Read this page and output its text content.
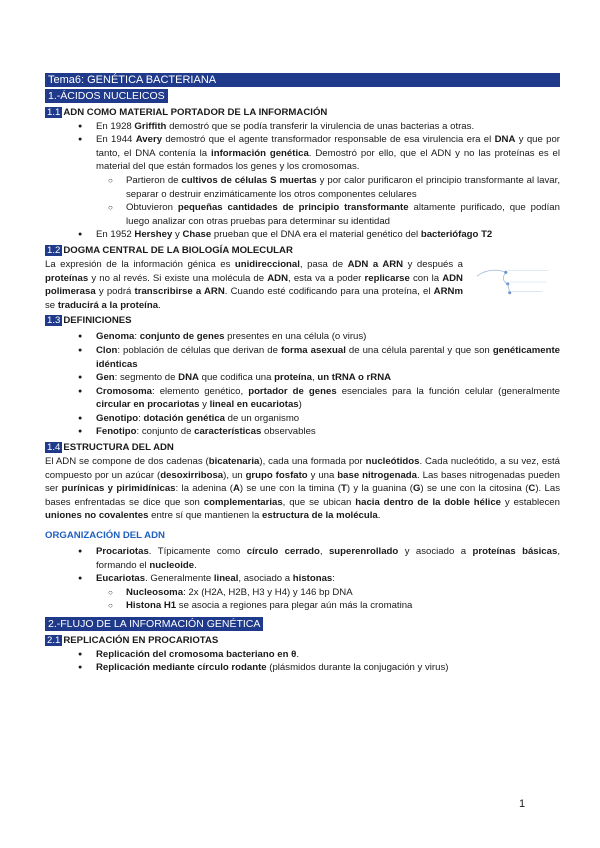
Tema6: GENÉTICA BACTERIANA
1.-ÁCIDOS NUCLEICOS
1.1 ADN COMO MATERIAL PORTADOR DE LA INFORMACIÓN
● En 1928 Griffith demostró que se podía transferir la virulencia de unas bacterias a otras.
● En 1944 Avery demostró que el agente transformador responsable de esa virulencia era el DNA y que por tanto, el DNA contenía la información genética. Demostró por ello, que el ADN y no las proteínas es el material del que están formados los genes y los cromosomas.
○ Partieron de cultivos de células S muertas y por calor purificaron el principio transformante al lavar, separar o destruir enzimáticamente los otros componentes celulares
○ Obtuvieron pequeñas cantidades de principio transformante altamente purificado, que podían luego analizar con otras pruebas para determinar su identidad
● En 1952 Hershey y Chase prueban que el DNA era el material genético del bacteriófago T2
1.2 DOGMA CENTRAL DE LA BIOLOGÍA MOLECULAR

La expresión de la información génica es unidireccional, pasa de ADN a ARN y después a proteínas y no al revés. Si existe una molécula de ADN, esta va a poder replicarse con la ADN polimerasa y podrá transcribirse a ARN. Cuando esté codificando para una proteína, el ARNm se traducirá a la proteína.

1.3 DEFINICIONES
● Genoma: conjunto de genes presentes en una célula (o virus)
● Clon: población de células que derivan de forma asexual de una célula parental y que son genéticamente idénticas
● Gen: segmento de DNA que codifica una proteína, un tRNA o rRNA
● Cromosoma: elemento genético, portador de genes esenciales para la función celular (generalmente circular en procariotas y lineal en eucariotas)
● Genotipo: dotación genética de un organismo
● Fenotipo: conjunto de características observables
1.4 ESTRUCTURA DEL ADN

El ADN se compone de dos cadenas (bicatenaria), cada una formada por nucleótidos. Cada nucleótido, a su vez, está compuesto por un azúcar (desoxirribosa), un grupo fosfato y una base nitrogenada. Las bases nitrogenadas pueden ser purínicas y pirimidínicas: la adenina (A) se une con la timina (T) y la guanina (G) se une con la citosina (C). Las bases enfrentadas se dice que son complementarias, que se ubican hacia dentro de la doble hélice y establecen uniones no covalentes entre sí que mantienen la estructura de la molécula.

ORGANIZACIÓN DEL ADN
● Procariotas. Típicamente como círculo cerrado, superenrollado y asociado a proteínas básicas, formando el nucleoide.
● Eucariotas. Generalmente lineal, asociado a histonas:
○ Nucleosoma: 2x (H2A, H2B, H3 y H4) y 146 bp DNA
○ Histona H1 se asocia a regiones para plegar aún más la cromatina
2.-FLUJO DE LA INFORMACIÓN GENÉTICA
2.1 REPLICACIÓN EN PROCARIOTAS
● Replicación del cromosoma bacteriano en θ.
● Replicación mediante círculo rodante (plásmidos durante la conjugación y virus)
1
